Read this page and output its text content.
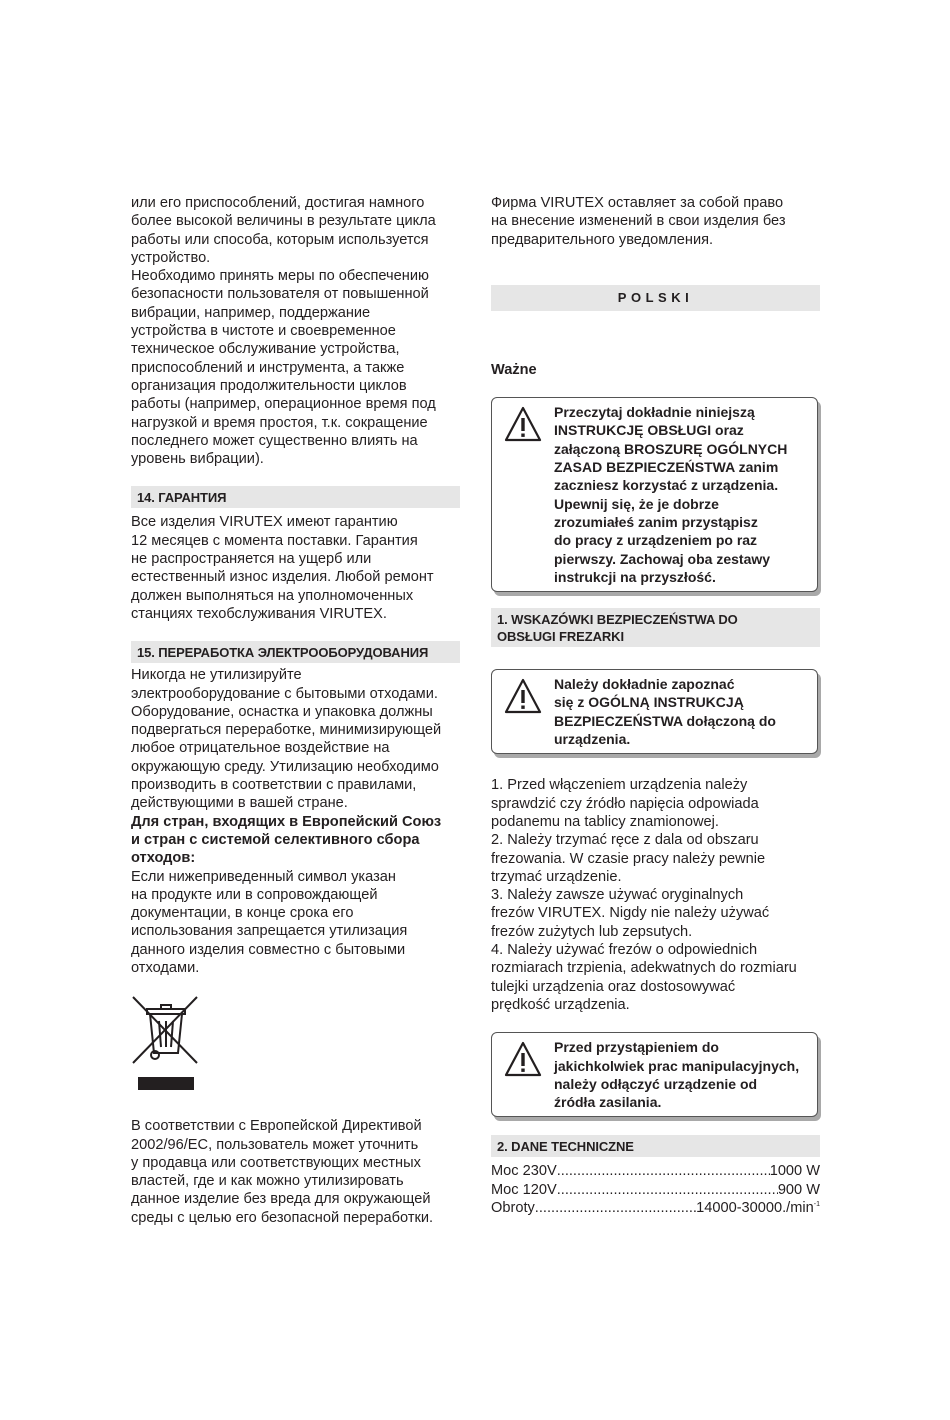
или его приспособлений, достигая намного
более высокой величины в результате цикла
работы или способа, которым используется
устройство.
Необходимо принять меры по обеспечению
безопасности пользователя от повышенной
вибрации, например, поддержание
устройства в чистоте и своевременное
техническое обслуживание устройства,
приспособлений и инструмента, а также
организация продолжительности циклов
работы (например, операционное время под
нагрузкой и время простоя, т.к. сокращение
последнего может существенно влиять на
уровень вибрации).

14. ГАРАНТИЯ

Все изделия VIRUTEX имеют гарантию
12 месяцев с момента поставки. Гарантия
не распространяется на ущерб или
естественный износ изделия. Любой ремонт
должен выполняться на уполномоченных
станциях техобслуживания VIRUTEX.

15. ПЕРЕРАБОТКА ЭЛЕКТРООБОРУДОВАНИЯ

Никогда не утилизируйте
электрооборудование с бытовыми отходами.
Оборудование, оснастка и упаковка должны
подвергаться переработке, минимизирующей
любое отрицательное воздействие на
окружающую среду. Утилизацию необходимо
производить в соответствии с правилами,
действующими в вашей стране.

Для стран, входящих в Европейский Союз
и стран с системой селективного сбора
отходов:

Если нижеприведенный символ указан
на продукте или в сопровождающей
документации, в конце срока его
использования запрещается утилизация
данного изделия совместно с бытовыми
отходами.

В соответствии с Европейской Директивой
2002/96/EC, пользователь может уточнить
у продавца или соответствующих местных
властей, где и как можно утилизировать
данное изделие без вреда для окружающей
среды с целью его безопасной переработки.

Фирма VIRUTEX оставляет за собой право
на внесение изменений в свои изделия без
предварительного уведомления.

POLSKI

Ważne

Przeczytaj dokładnie niniejszą
INSTRUKCJĘ OBSŁUGI oraz
załączoną BROSZURĘ OGÓLNYCH
ZASAD BEZPIECZEŃSTWA zanim
zaczniesz korzystać z urządzenia.
Upewnij się, że je dobrze
zrozumiałeś zanim przystąpisz
do pracy z urządzeniem po raz
pierwszy. Zachowaj oba zestawy
instrukcji na przyszłość.
1. WSKAZÓWKI BEZPIECZEŃSTWA DO
OBSŁUGI FREZARKI
Należy dokładnie zapoznać
się z OGÓLNĄ INSTRUKCJĄ
BEZPIECZEŃSTWA dołączoną do
urządzenia.

1. Przed włączeniem urządzenia należy
sprawdzić czy źródło napięcia odpowiada
podanemu na tablicy znamionowej.
2. Należy trzymać ręce z dala od obszaru
frezowania. W czasie pracy należy pewnie
trzymać urządzenie.
3. Należy zawsze używać oryginalnych
frezów VIRUTEX. Nigdy nie należy używać
frezów zużytych lub zepsutych.
4. Należy używać frezów o odpowiednich
rozmiarach trzpienia, adekwatnych do rozmiaru
tulejki urządzenia oraz dostosowywać
prędkość urządzenia.

Przed przystąpieniem do
jakichkolwiek prac manipulacyjnych,
należy odłączyć urządzenie od
źródła zasilania.
2. DANE TECHNICZNE
Moc 230V .....	1000 W
Moc 120V .....	900 W
Obroty .....	$14000-30000./\min^{-1}$
